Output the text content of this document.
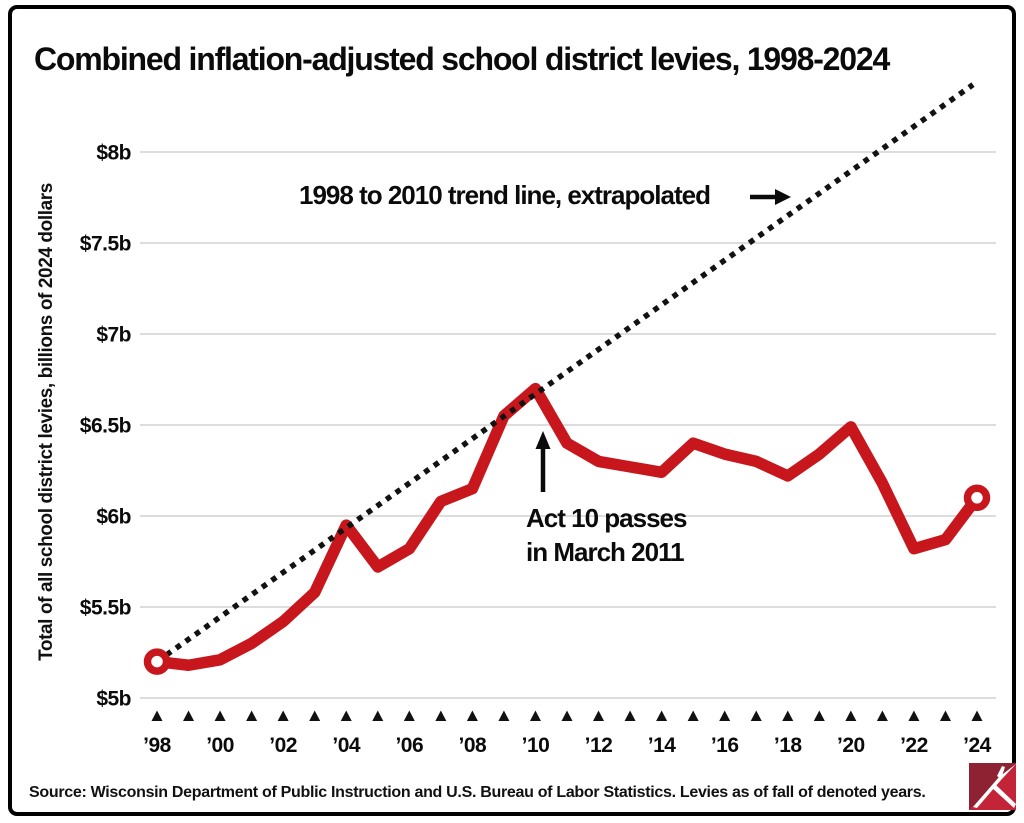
Combined inflation-adjusted school district levies, 1998-2024
Total of all school district levies, billions of 2024 dollars
$8b
$7.5b
$7b
$6.5b
$6b
$5.5b
$5b
’98 ’00 ’02 ’04 ’06 ’08 ’10 ’12 ’14 ’16 ’18 ’20 ’22 ’24
1998 to 2010 trend line, extrapolated
Act 10 passes
in March 2011
Source: Wisconsin Department of Public Instruction and U.S. Bureau of Labor Statistics. Levies as of fall of denoted years.
